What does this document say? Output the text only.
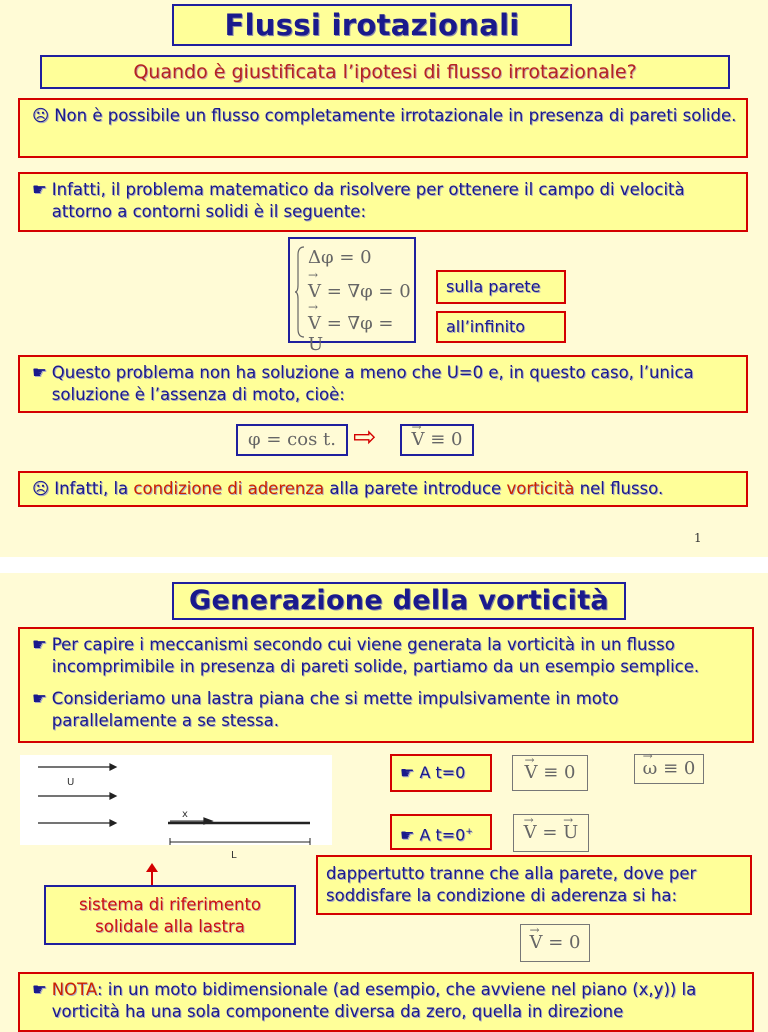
Flussi irotazionali
Quando è giustificata l’ipotesi di flusso irrotazionale?
☹ Non è possibile un flusso completamente irrotazionale in presenza di pareti solide.
☛ Infatti, il problema matematico da risolvere per ottenere il campo di velocità attorno a contorni solidi è il seguente:
Δφ = 0
→ V = ∇φ = 0
→ V = ∇φ = U
sulla parete
all’infinito
☛ Questo problema non ha soluzione a meno che U=0 e, in questo caso, l’unica soluzione è l’assenza di moto, cioè:
φ = cos t. ⇨	→ V ≡ 0
☹ Infatti, la condizione di aderenza alla parete introduce vorticità nel flusso.
1
Generazione della vorticità
☛ Per capire i meccanismi secondo cui viene generata la vorticità in un flusso incomprimibile in presenza di pareti solide, partiamo da un esempio semplice.
☛ Consideriamo una lastra piana che si mette impulsivamente in moto parallelamente a se stessa.
U
x
L
sistema di riferimento solidale alla lastra
☛ A t=0	→ V ≡ 0	→ ω ≡ 0
☛ A t=0+	→ V = → U
dappertutto tranne che alla parete, dove per soddisfare la condizione di aderenza si ha:
→ V = 0
☛ NOTA: in un moto bidimensionale (ad esempio, che avviene nel piano (x,y)) la vorticità ha una sola componente diversa da zero, quella in direzione
